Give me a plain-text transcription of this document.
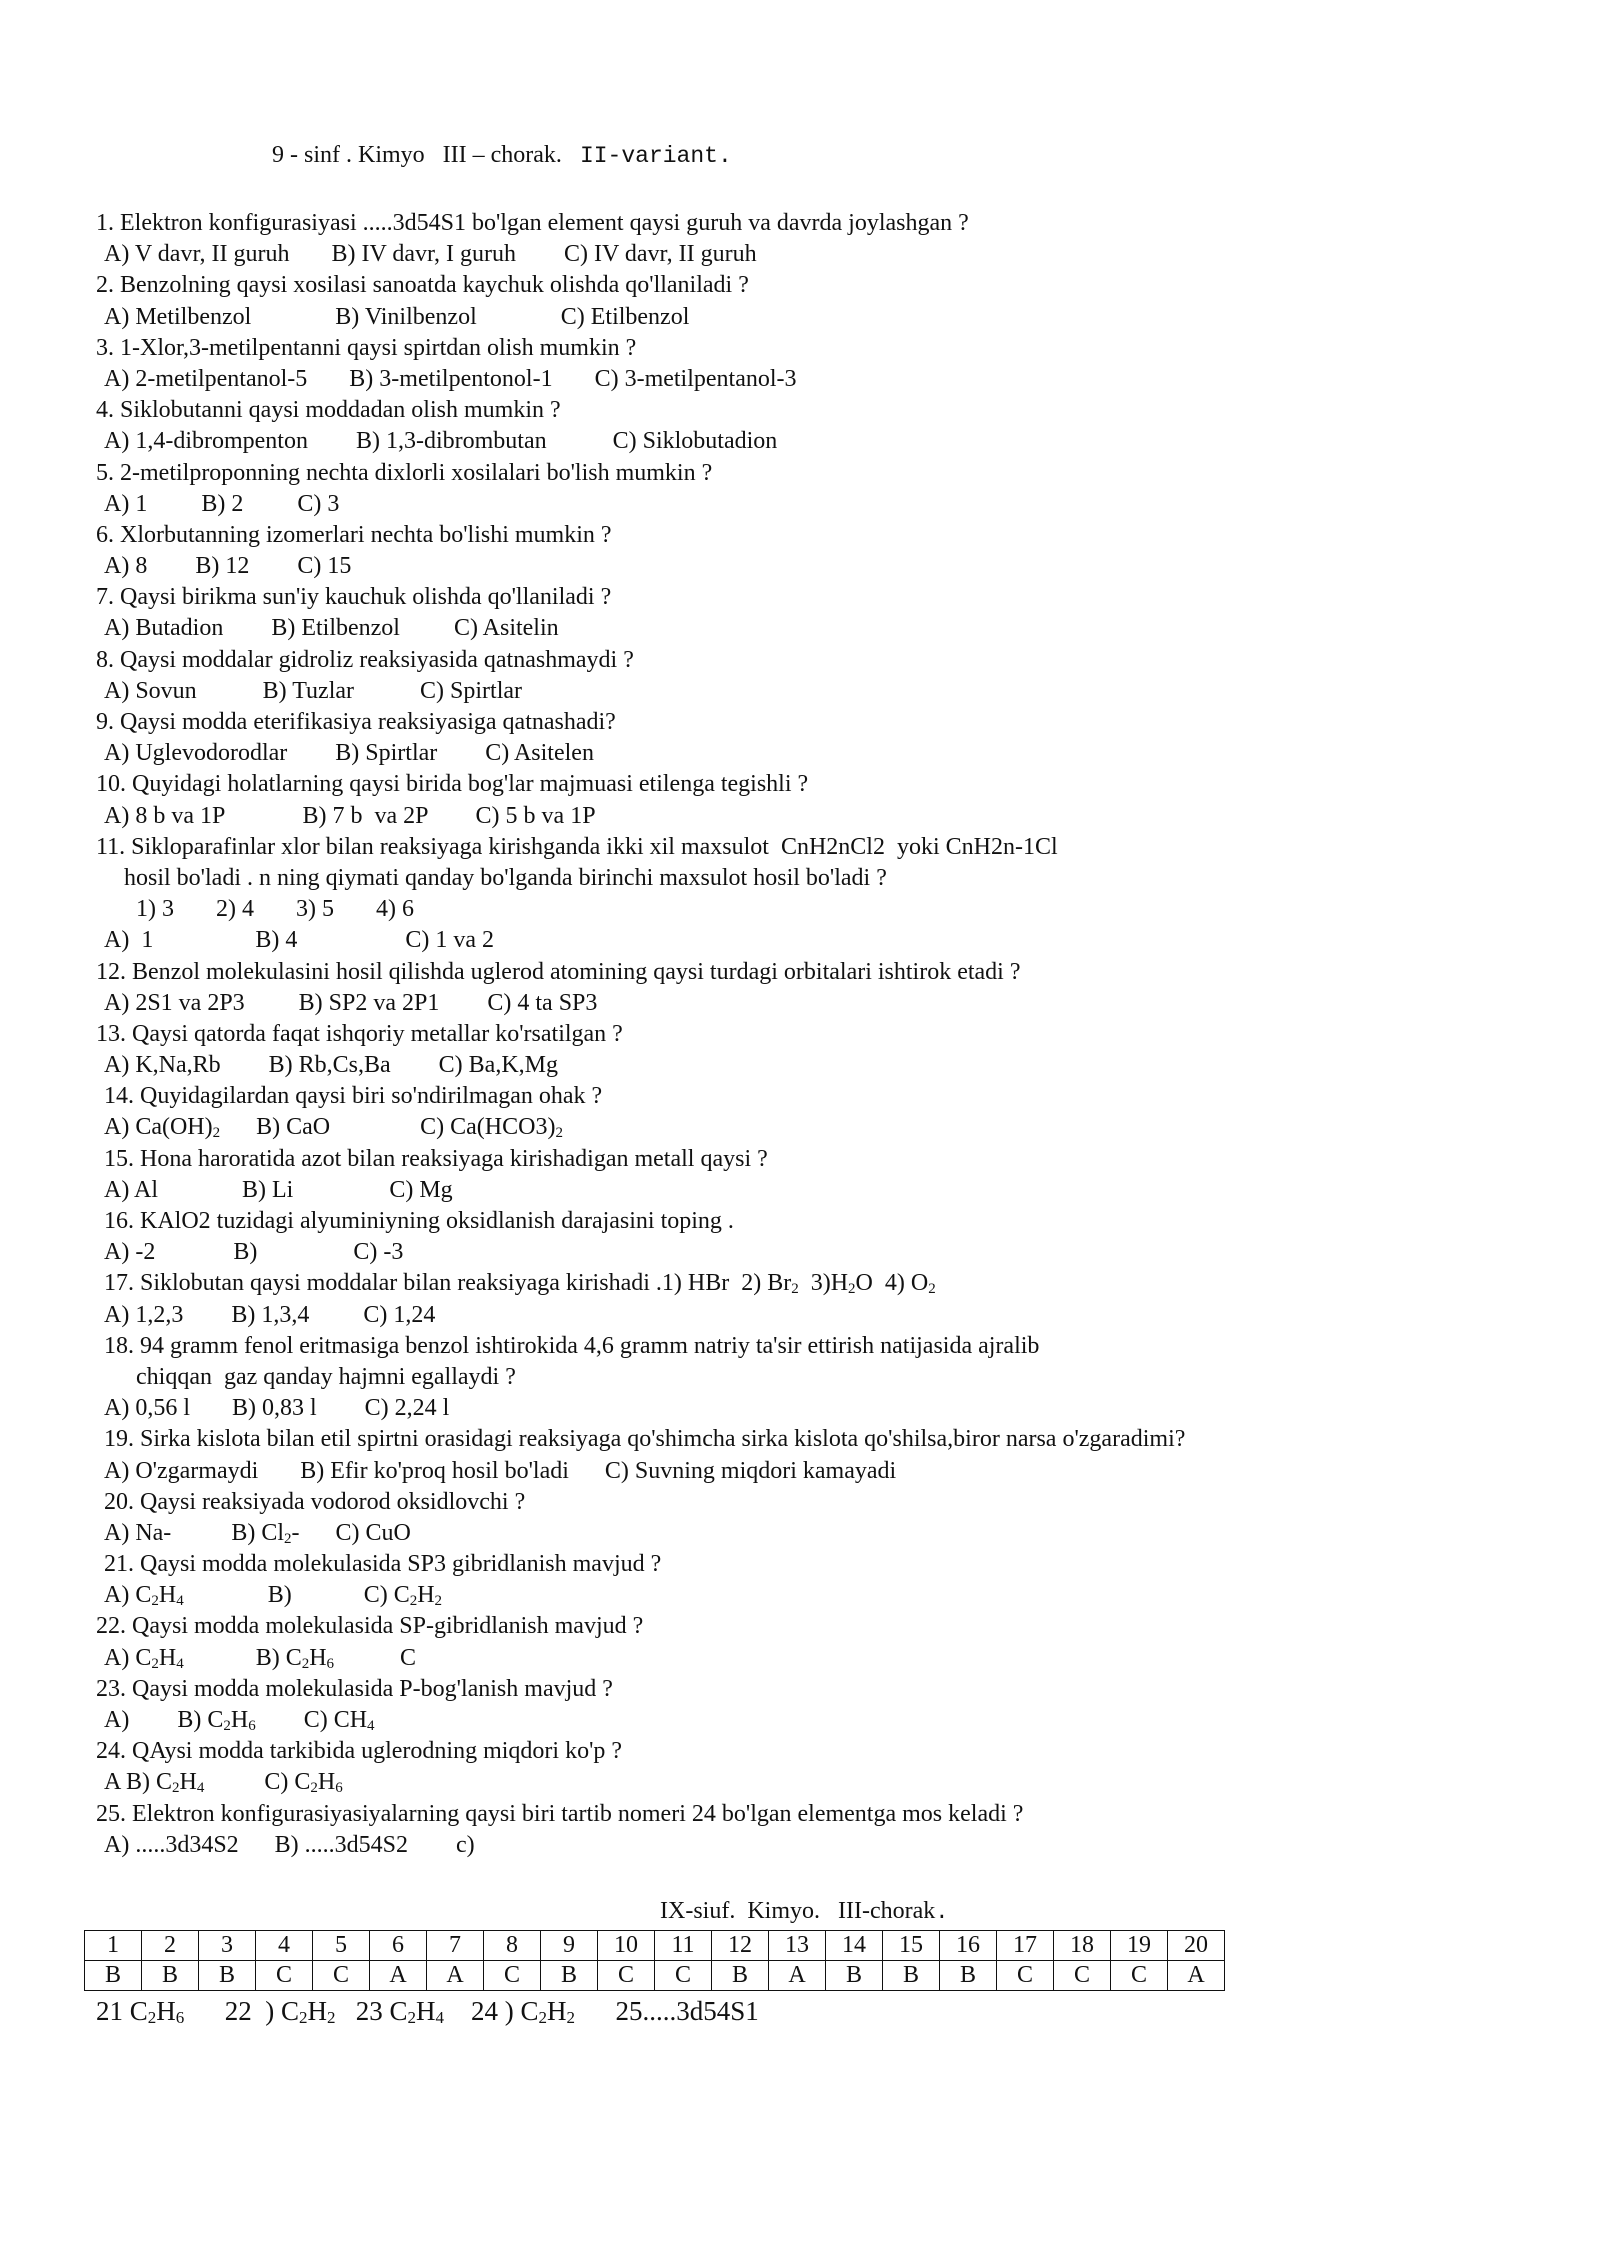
9 - sinf . Kimyo   III – chorak. II-variant.
1. Elektron konfigurasiyasi .....3d54S1 bo'lgan element qaysi guruh va davrda joylashgan ?
A) V davr, II guruh B) IV davr, I guruh C) IV davr, II guruh
2. Benzolning qaysi xosilasi sanoatda kaychuk olishda qo'llaniladi ?
A) Metilbenzol	B) Vinilbenzol	C) Etilbenzol
3. 1-Xlor,3-metilpentanni qaysi spirtdan olish mumkin ?
A) 2-metilpentanol-5 B) 3-metilpentonol-1 C) 3-metilpentanol-3
4. Siklobutanni qaysi moddadan olish mumkin ?
A) 1,4-dibrompenton B) 1,3-dibrombutan	C) Siklobutadion
5. 2-metilproponning nechta dixlorli xosilalari bo'lish mumkin ?
A) 1 B) 2 C) 3
6. Xlorbutanning izomerlari nechta bo'lishi mumkin ?
A) 8 B) 12 C) 15
7. Qaysi birikma sun'iy kauchuk olishda qo'llaniladi ?
A) Butadion B) Etilbenzol C) Asitelin
8. Qaysi moddalar gidroliz reaksiyasida qatnashmaydi ?
A) Sovun	B) Tuzlar	C) Spirtlar
9. Qaysi modda eterifikasiya reaksiyasiga qatnashadi?
A) Uglevodorodlar B) Spirtlar C) Asitelen
10. Quyidagi holatlarning qaysi birida bog'lar majmuasi etilenga tegishli ?
A) 8 b va 1P	B) 7 b  va 2P C) 5 b va 1P
11. Sikloparafinlar xlor bilan reaksiyaga kirishganda ikki xil maxsulot  CnH2nCl2  yoki CnH2n-1Cl
hosil bo'ladi . n ning qiymati qanday bo'lganda birinchi maxsulot hosil bo'ladi ?
1) 3 2) 4 3) 5 4) 6
A)  1	B) 4	C) 1 va 2
12. Benzol molekulasini hosil qilishda uglerod atomining qaysi turdagi orbitalari ishtirok etadi ?
A) 2S1 va 2P3 B) SP2 va 2P1 C) 4 ta SP3
13. Qaysi qatorda faqat ishqoriy metallar ko'rsatilgan ?
A) K,Na,Rb B) Rb,Cs,Ba C) Ba,K,Mg
14. Quyidagilardan qaysi biri so'ndirilmagan ohak ?
A) $Ca(OH)_2$ B) CaO	C) $Ca(HCO3)_2$
15. Hona haroratida azot bilan reaksiyaga kirishadigan metall qaysi ?
A) Al	B) Li	C) Mg
16. KAlO2 tuzidagi alyuminiyning oksidlanish darajasini toping .
A) -2	B)	C) -3
17. Siklobutan qaysi moddalar bilan reaksiyaga kirishadi .1) HBr  2) $Br_2$  $3)H_2O$  4) $O_2$
A) 1,2,3 B) 1,3,4 C) 1,24
18. 94 gramm fenol eritmasiga benzol ishtirokida 4,6 gramm natriy ta'sir ettirish natijasida ajralib
chiqqan  gaz qanday hajmni egallaydi ?
A) 0,56 l B) 0,83 l C) 2,24 l
19. Sirka kislota bilan etil spirtni orasidagi reaksiyaga qo'shimcha sirka kislota qo'shilsa,biror narsa o'zgaradimi?
A) O'zgarmaydi B) Efir ko'proq hosil bo'ladi C) Suvning miqdori kamayadi
20. Qaysi reaksiyada vodorod oksidlovchi ?
A) Na-	B) $Cl_2-$      C) CuO
21. Qaysi modda molekulasida SP3 gibridlanish mavjud ?
A) $C_2H_4$	B)	C) $C_2H_2$
22. Qaysi modda molekulasida SP-gibridlanish mavjud ?
A) $C_2H_4$	B) $C_2H_6$	C
23. Qaysi modda molekulasida P-bog'lanish mavjud ?
A) B) $C_2H_6$ C) $CH_4$
24. QAysi modda tarkibida uglerodning miqdori ko'p ?
A B) $C_2H_4$	C) $C_2H_6$
25. Elektron konfigurasiyasiyalarning qaysi biri tartib nomeri 24 bo'lgan elementga mos keladi ?
A) .....3d34S2 B) .....3d54S2 c)
IX-siuf.  Kimyo.   III-chorak.
1	2	3	4	5	6	7	8	9	10	11	12	13	14	15	16	17	18	19	20
B	B	B	C	C	A	A	C	B	C	C	B	A	B	B	B	C	C	C	A
21 $C_2H_6$ 22  ) $C_2H_2$ 23 $C_2H_4$ 24 ) $C_2H_2$ 25.....3d54S1
